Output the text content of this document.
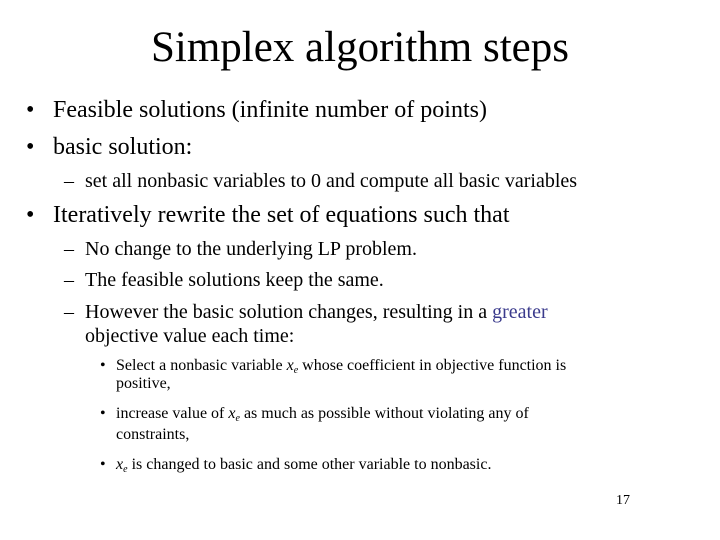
Simplex algorithm steps
• Feasible solutions (infinite number of points)
• basic solution:
– set all nonbasic variables to 0 and compute all basic variables
• Iteratively rewrite the set of equations such that
– No change to the underlying LP problem.
– The feasible solutions keep the same.
– However the basic solution changes, resulting in a greater
objective value each time:
• Select a nonbasic variable $x_e$ whose coefficient in objective function is
positive,
• increase value of $x_e$ as much as possible without violating any of
constraints,
• $x_e$ is changed to basic and some other variable to nonbasic.
17
